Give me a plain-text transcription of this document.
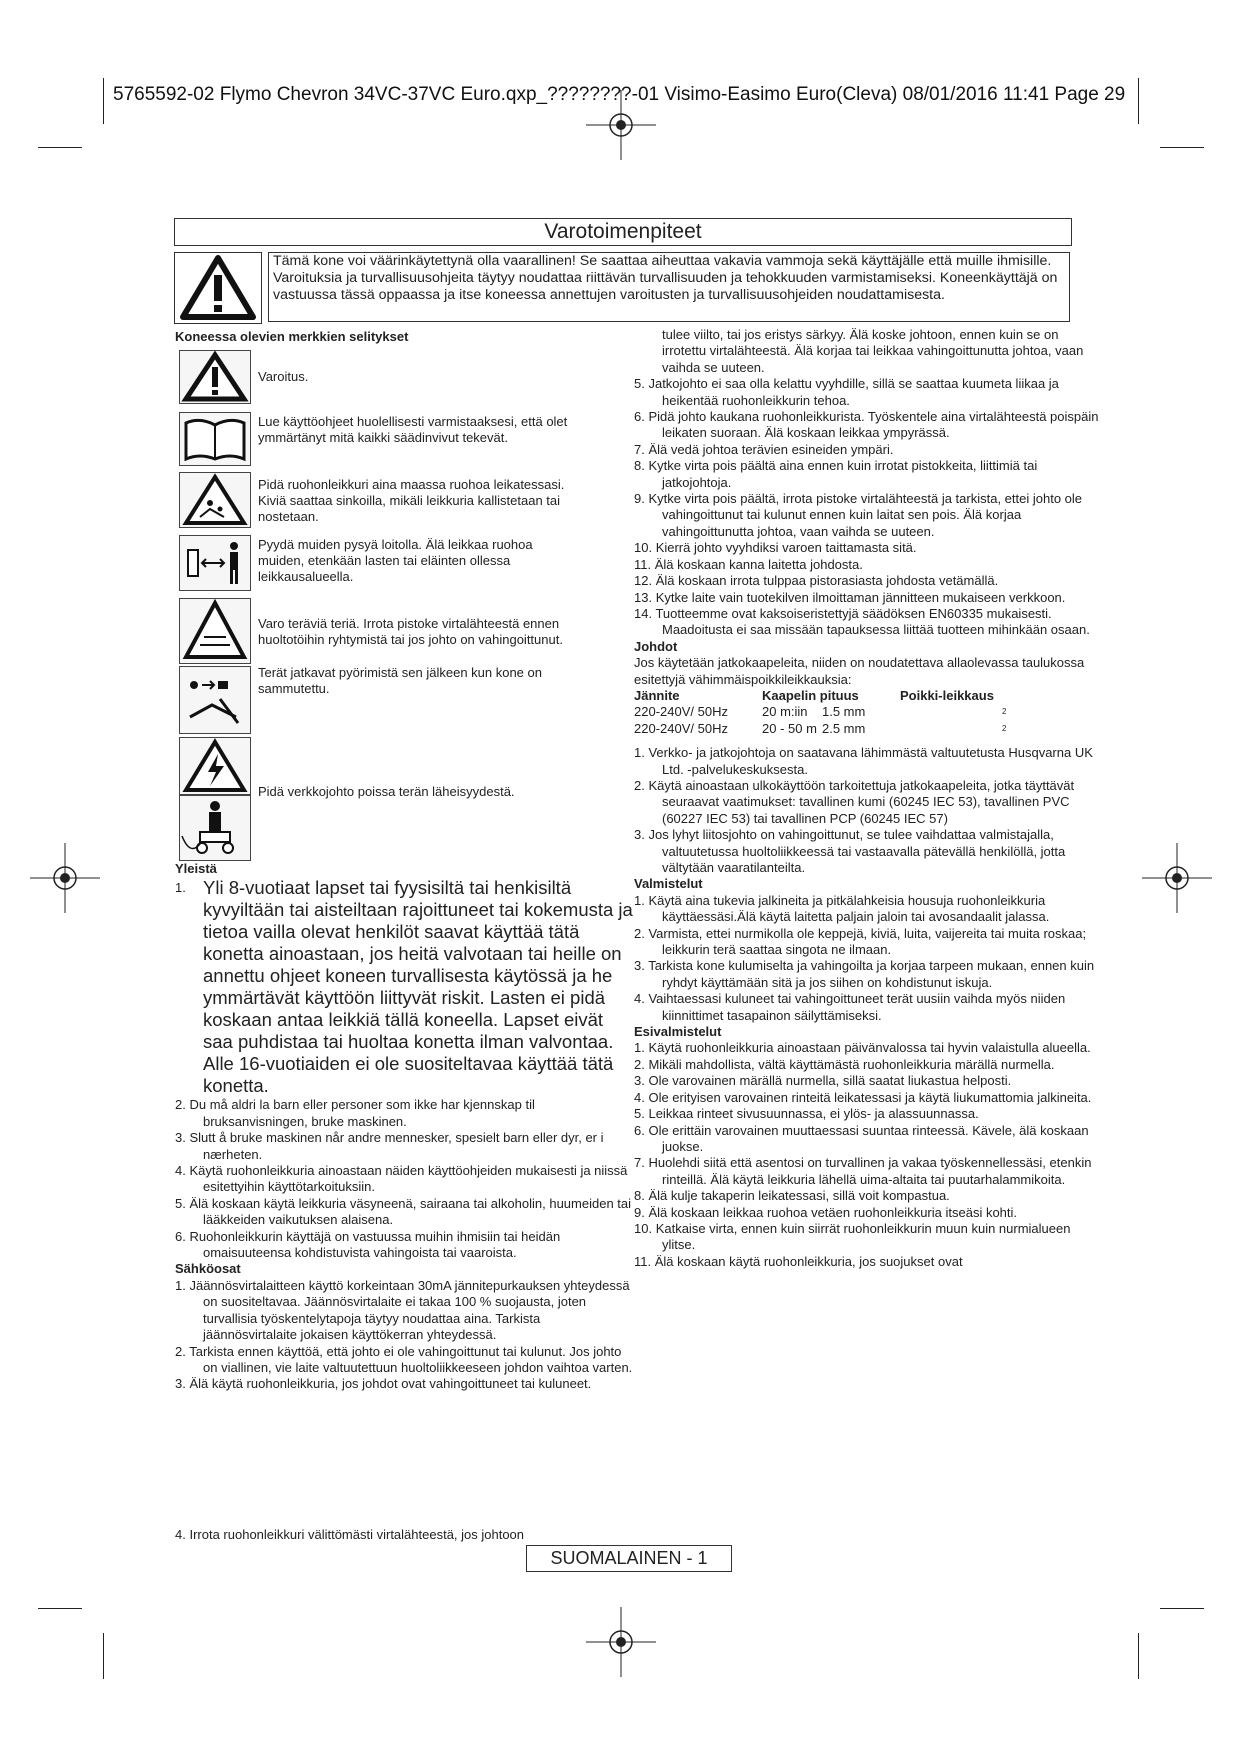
5765592-02 Flymo Chevron 34VC-37VC Euro.qxp_????????-01 Visimo-Easimo Euro(Cleva) 08/01/2016 11:41 Page 29
Varotoimenpiteet
Tämä kone voi väärinkäytettynä olla vaarallinen! Se saattaa aiheuttaa vakavia vammoja sekä käyttäjälle että muille ihmisille. Varoituksia ja turvallisuusohjeita täytyy noudattaa riittävän turvallisuuden ja tehokkuuden varmistamiseksi. Koneenkäyttäjä on vastuussa tässä oppaassa ja itse koneessa annettujen varoitusten ja turvallisuusohjeiden noudattamisesta.
Koneessa olevien merkkien selitykset
Varoitus.
Lue käyttöohjeet huolellisesti varmistaaksesi, että olet ymmärtänyt mitä kaikki säädinvivut tekevät.
Pidä ruohonleikkuri aina maassa ruohoa leikatessasi. Kiviä saattaa sinkoilla, mikäli leikkuria kallistetaan tai nostetaan.
Pyydä muiden pysyä loitolla. Älä leikkaa ruohoa muiden, etenkään lasten tai eläinten ollessa leikkausalueella.
Varo teräviä teriä. Irrota pistoke virtalähteestä ennen huoltotöihin ryhtymistä tai jos johto on vahingoittunut.
Terät jatkavat pyörimistä sen jälkeen kun kone on sammutettu.
Pidä verkkojohto poissa terän läheisyydestä.

Yleistä

1. Yli 8-vuotiaat lapset tai fyysisiltä tai henkisiltä kyvyiltään tai aisteiltaan rajoittuneet tai kokemusta ja tietoa vailla olevat henkilöt saavat käyttää tätä konetta ainoastaan, jos heitä valvotaan tai heille on annettu ohjeet koneen turvallisesta käytössä ja he ymmärtävät käyttöön liittyvät riskit. Lasten ei pidä koskaan antaa leikkiä tällä koneella. Lapset eivät saa puhdistaa tai huoltaa konetta ilman valvontaa.

Alle 16-vuotiaiden ei ole suositeltavaa käyttää tätä konetta.

2. Du må aldri la barn eller personer som ikke har kjennskap til bruksanvisningen, bruke maskinen.

3. Slutt å bruke maskinen når andre mennesker, spesielt barn eller dyr, er i nærheten.

4. Käytä ruohonleikkuria ainoastaan näiden käyttöohjeiden mukaisesti ja niissä esitettyihin käyttötarkoituksiin.

5. Älä koskaan käytä leikkuria väsyneenä, sairaana tai alkoholin, huumeiden tai lääkkeiden vaikutuksen alaisena.

6. Ruohonleikkurin käyttäjä on vastuussa muihin ihmisiin tai heidän omaisuuteensa kohdistuvista vahingoista tai vaaroista.

Sähköosat

1. Jäännösvirtalaitteen käyttö korkeintaan 30mA jännitepurkauksen yhteydessä on suositeltavaa. Jäännösvirtalaite ei takaa 100 % suojausta, joten turvallisia työskentelytapoja täytyy noudattaa aina. Tarkista jäännösvirtalaite jokaisen käyttökerran yhteydessä.

2. Tarkista ennen käyttöä, että johto ei ole vahingoittunut tai kulunut. Jos johto on viallinen, vie laite valtuutettuun huoltoliikkeeseen johdon vaihtoa varten.

3. Älä käytä ruohonleikkuria, jos johdot ovat vahingoittuneet tai kuluneet.

4. Irrota ruohonleikkuri välittömästi virtalähteestä, jos johtoon

tulee viilto, tai jos eristys särkyy. Älä koske johtoon, ennen kuin se on irrotettu virtalähteestä. Älä korjaa tai leikkaa vahingoittunutta johtoa, vaan vaihda se uuteen.

5. Jatkojohto ei saa olla kelattu vyyhdille, sillä se saattaa kuumeta liikaa ja heikentää ruohonleikkurin tehoa.

6. Pidä johto kaukana ruohonleikkurista. Työskentele aina virtalähteestä poispäin leikaten suoraan. Älä koskaan leikkaa ympyrässä.

7. Älä vedä johtoa terävien esineiden ympäri.

8. Kytke virta pois päältä aina ennen kuin irrotat pistokkeita, liittimiä tai jatkojohtoja.

9. Kytke virta pois päältä, irrota pistoke virtalähteestä ja tarkista, ettei johto ole vahingoittunut tai kulunut ennen kuin laitat sen pois. Älä korjaa vahingoittunutta johtoa, vaan vaihda se uuteen.

10. Kierrä johto vyyhdiksi varoen taittamasta sitä.

11. Älä koskaan kanna laitetta johdosta.

12. Älä koskaan irrota tulppaa pistorasiasta johdosta vetämällä.

13. Kytke laite vain tuotekilven ilmoittaman jännitteen mukaiseen verkkoon.

14. Tuotteemme ovat kaksoiseristettyjä säädöksen EN60335 mukaisesti. Maadoitusta ei saa missään tapauksessa liittää tuotteen mihinkään osaan.

Johdot

Jos käytetään jatkokaapeleita, niiden on noudatettava allaolevassa taulukossa esitettyjä vähimmäispoikkileikkauksia:

Jännite	Kaapelin pituus	Poikki-leikkaus
220-240V/ 50Hz	20 m:iin	1.5 mm	2
220-240V/ 50Hz	20 - 50 m 2.5 mm	2

1. Verkko- ja jatkojohtoja on saatavana lähimmästä valtuutetusta Husqvarna UK Ltd. -palvelukeskuksesta.

2. Käytä ainoastaan ulkokäyttöön tarkoitettuja jatkokaapeleita, jotka täyttävät seuraavat vaatimukset: tavallinen kumi (60245 IEC 53), tavallinen PVC (60227 IEC 53) tai tavallinen PCP (60245 IEC 57)

3. Jos lyhyt liitosjohto on vahingoittunut, se tulee vaihdattaa valmistajalla, valtuutetussa huoltoliikkeessä tai vastaavalla pätevällä henkilöllä, jotta vältytään vaaratilanteilta.

Valmistelut

1. Käytä aina tukevia jalkineita ja pitkälahkeisia housuja ruohonleikkuria käyttäessäsi.Älä käytä laitetta paljain jaloin tai avosandaalit jalassa.

2. Varmista, ettei nurmikolla ole keppejä, kiviä, luita, vaijereita tai muita roskaa; leikkurin terä saattaa singota ne ilmaan.

3. Tarkista kone kulumiselta ja vahingoilta ja korjaa tarpeen mukaan, ennen kuin ryhdyt käyttämään sitä ja jos siihen on kohdistunut iskuja.

4. Vaihtaessasi kuluneet tai vahingoittuneet terät uusiin vaihda myös niiden kiinnittimet tasapainon säilyttämiseksi.

Esivalmistelut

1. Käytä ruohonleikkuria ainoastaan päivänvalossa tai hyvin valaistulla alueella.

2. Mikäli mahdollista, vältä käyttämästä ruohonleikkuria märällä nurmella.

3. Ole varovainen märällä nurmella, sillä saatat liukastua helposti.

4. Ole erityisen varovainen rinteitä leikatessasi ja käytä liukumattomia jalkineita.

5. Leikkaa rinteet sivusuunnassa, ei ylös- ja alassuunnassa.

6. Ole erittäin varovainen muuttaessasi suuntaa rinteessä. Kävele, älä koskaan juokse.

7. Huolehdi siitä että asentosi on turvallinen ja vakaa työskennellessäsi, etenkin rinteillä. Älä käytä leikkuria lähellä uima-altaita tai puutarhalammikoita.

8. Älä kulje takaperin leikatessasi, sillä voit kompastua.

9. Älä koskaan leikkaa ruohoa vetäen ruohonleikkuria itseäsi kohti.

10. Katkaise virta, ennen kuin siirrät ruohonleikkurin muun kuin nurmialueen ylitse.

11. Älä koskaan käytä ruohonleikkuria, jos suojukset ovat

SUOMALAINEN - 1
